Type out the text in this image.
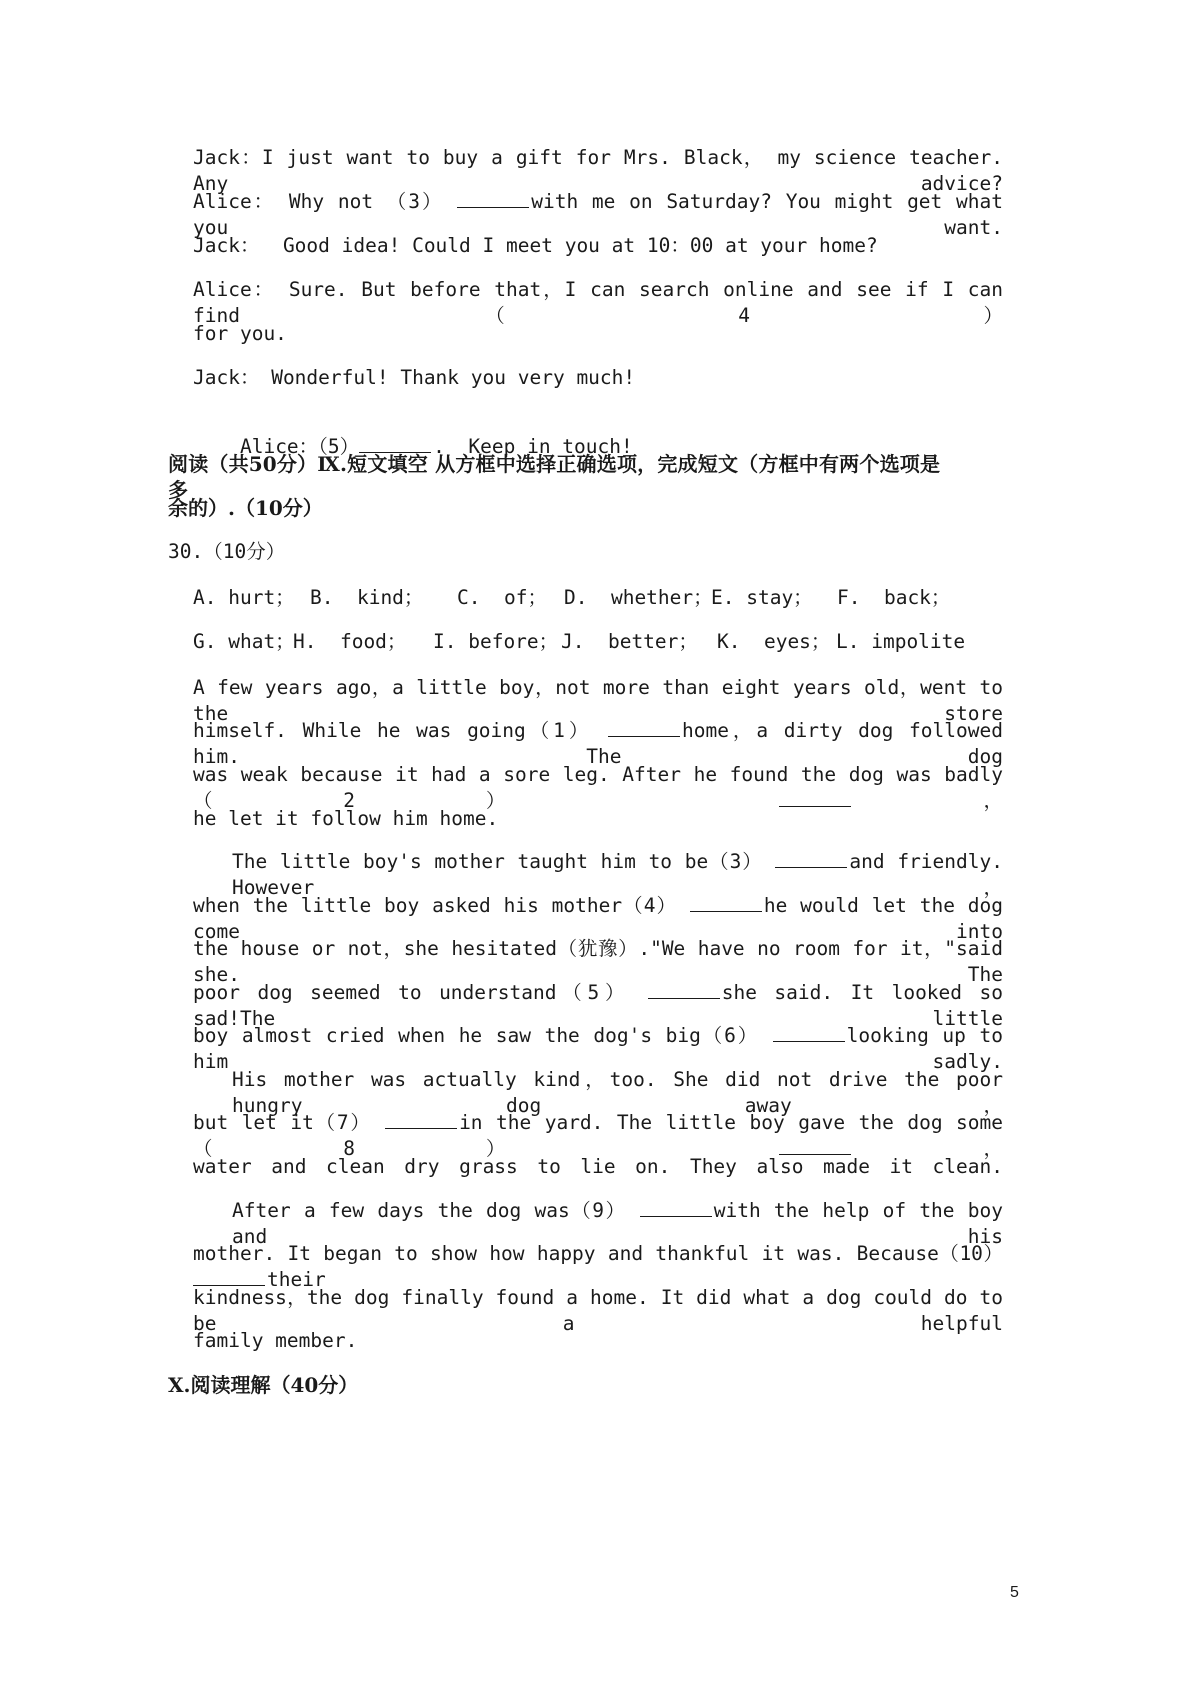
Jack：I just want to buy a gift for Mrs. Black， my science teacher. Any advice?
Alice： Why not （3）	with me on Saturday? You might get what you want.
Jack：  Good idea! Could I meet you at 10：00 at your home?
Alice： Sure. But before that，I can search online and see if I can find （4）
for you.
Jack： Wonderful! Thank you very much!

Alice：（5）	.  Keep in touch!

阅读（共50分）Ⅸ.短文填空 从方框中选择正确选项，完成短文（方框中有两个选项是多
余的）.（10分）
30.（10分）
A. hurt； B.  kind； C.  of； D.  whether；
E. stay； F.  back；
G. what；
H.  food； I. before； J.  better； K.  eyes； L. impolite
A few years ago，a little boy，not more than eight years old，went to the store
himself. While he was going（1）	home，a dirty dog followed him. The dog
was weak because it had a sore leg. After he found the dog was badly（2）	，
he let it follow him home.
The little boy's mother taught him to be（3）	and friendly. However，
when the little boy asked his mother（4）	he would let the dog come into
the house or not，she hesitated（犹豫）."We have no room for it，"said she. The
poor dog seemed to understand（5）	she said. It looked so sad!The little
boy almost cried when he saw the dog's big（6）	looking up to him sadly.
His mother was actually kind，too. She did not drive the poor hungry dog away，
but let it（7）	in the yard. The little boy gave the dog some（8）	，
water and clean dry grass to lie on. They also made it clean.
After a few days the dog was（9）	with the help of the boy and his
mother. It began to show how happy and thankful it was. Because（10） their
kindness，the dog finally found a home. It did what a dog could do to be a helpful
family member.
X.阅读理解（40分）
5
